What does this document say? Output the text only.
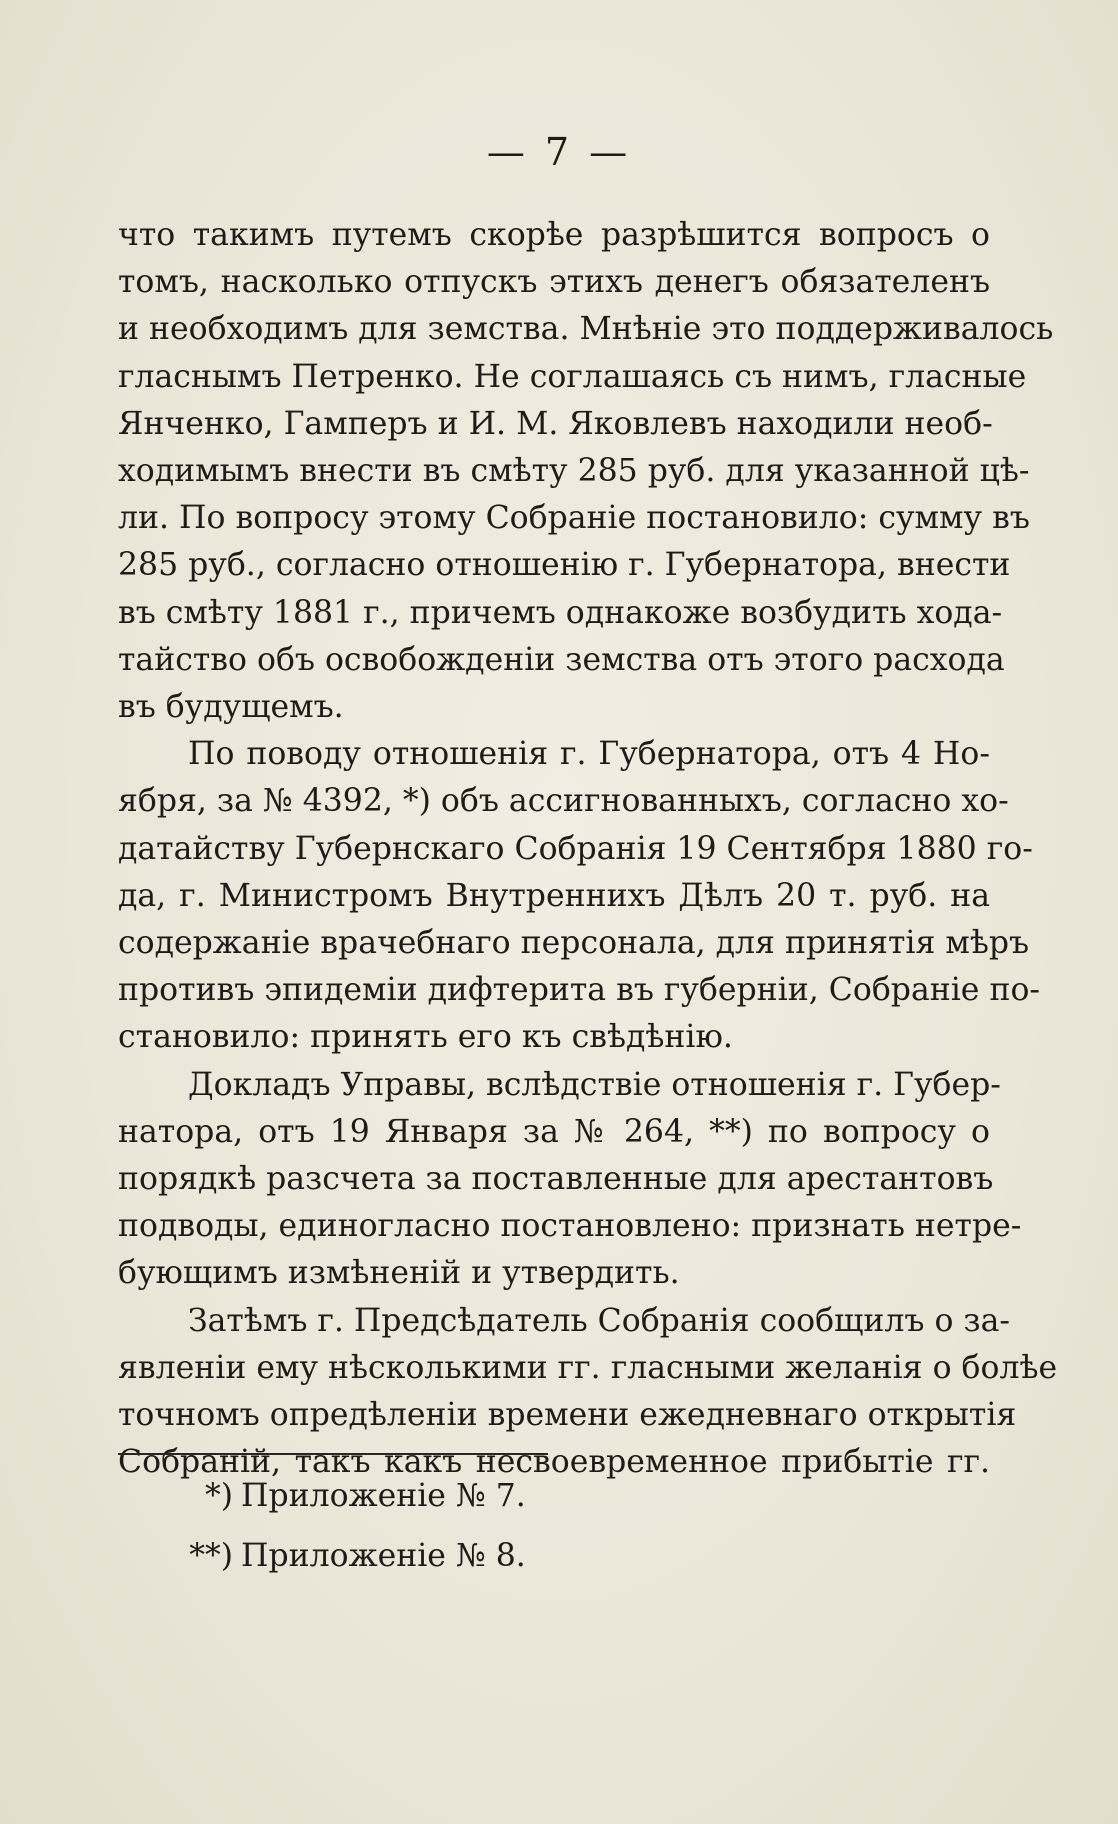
— 7 —
что такимъ путемъ скорѣе разрѣшится вопросъ о
томъ, насколько отпускъ этихъ денегъ обязателенъ
и необходимъ для земства. Мнѣніе это поддерживалось
гласнымъ Петренко. Не соглашаясь съ нимъ, гласные
Янченко, Гамперъ и И. М. Яковлевъ находили необ-
ходимымъ внести въ смѣту 285 руб. для указанной цѣ-
ли. По вопросу этому Собраніе постановило: сумму въ
285 руб., согласно отношенію г. Губернатора, внести
въ смѣту 1881 г., причемъ однакоже возбудить хода-
тайство объ освобожденіи земства отъ этого расхода
въ будущемъ.
По поводу отношенія г. Губернатора, отъ 4 Но-
ября, за № 4392, *) объ ассигнованныхъ, согласно хо-
датайству Губернскаго Собранія 19 Сентября 1880 го-
да, г. Министромъ Внутреннихъ Дѣлъ 20 т. руб. на
содержаніе врачебнаго персонала, для принятія мѣръ
противъ эпидеміи дифтерита въ губерніи, Собраніе по-
становило: принять его къ свѣдѣнію.
Докладъ Управы, вслѣдствіе отношенія г. Губер-
натора, отъ 19 Января за № 264, **) по вопросу о
порядкѣ разсчета за поставленные для арестантовъ
подводы, единогласно постановлено: признать нетре-
бующимъ измѣненій и утвердить.
Затѣмъ г. Предсѣдатель Собранія сообщилъ о за-
явленіи ему нѣсколькими гг. гласными желанія о болѣе
точномъ опредѣленіи времени ежедневнаго открытія
Собраній, такъ какъ несвоевременное прибытіе гг.
*) Приложеніе № 7.
**) Приложеніе № 8.
